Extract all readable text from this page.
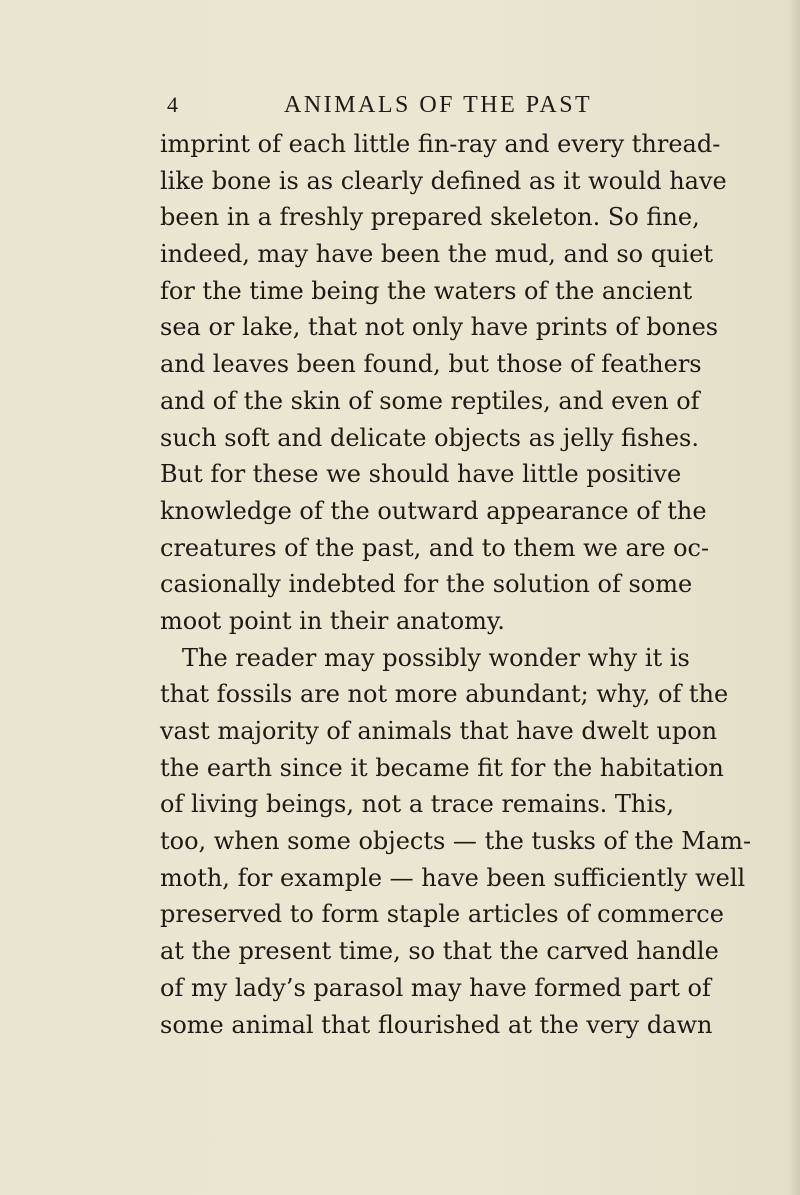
4	ANIMALS OF THE PAST
imprint of each little fin-ray and every thread-
like bone is as clearly defined as it would have
been in a freshly prepared skeleton. So fine,
indeed, may have been the mud, and so quiet
for the time being the waters of the ancient
sea or lake, that not only have prints of bones
and leaves been found, but those of feathers
and of the skin of some reptiles, and even of
such soft and delicate objects as jelly fishes.
But for these we should have little positive
knowledge of the outward appearance of the
creatures of the past, and to them we are oc-
casionally indebted for the solution of some
moot point in their anatomy.
The reader may possibly wonder why it is
that fossils are not more abundant; why, of the
vast majority of animals that have dwelt upon
the earth since it became fit for the habitation
of living beings, not a trace remains. This,
too, when some objects — the tusks of the Mam-
moth, for example — have been sufficiently well
preserved to form staple articles of commerce
at the present time, so that the carved handle
of my lady’s parasol may have formed part of
some animal that flourished at the very dawn
